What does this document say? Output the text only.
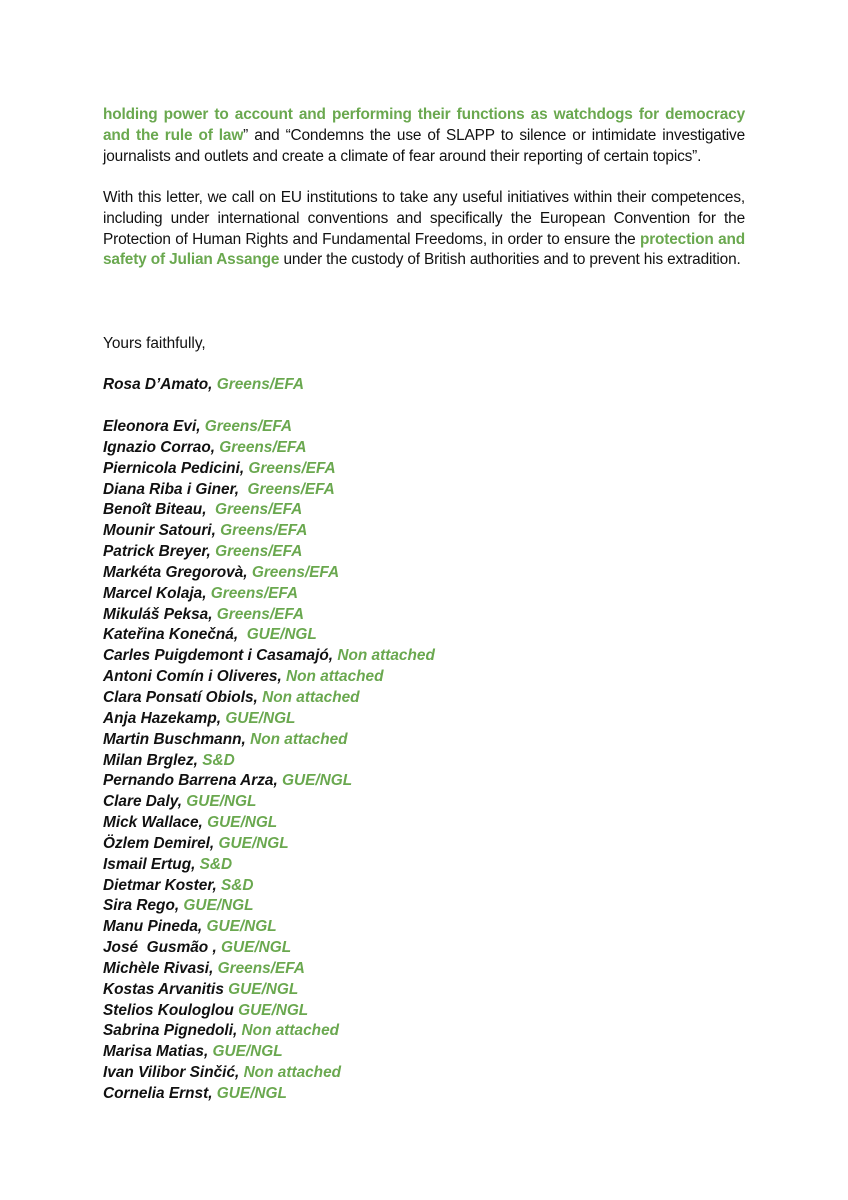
holding power to account and performing their functions as watchdogs for democracy and the rule of law” and “Condemns the use of SLAPP to silence or intimidate investigative journalists and outlets and create a climate of fear around their reporting of certain topics”.

With this letter, we call on EU institutions to take any useful initiatives within their competences, including under international conventions and specifically the European Convention for the Protection of Human Rights and Fundamental Freedoms, in order to ensure the protection and safety of Julian Assange under the custody of British authorities and to prevent his extradition.

Yours faithfully,
Rosa D’Amato, Greens/EFA
Eleonora Evi, Greens/EFA
Ignazio Corrao, Greens/EFA
Piernicola Pedicini, Greens/EFA
Diana Riba i Giner,  Greens/EFA
Benoît Biteau,  Greens/EFA
Mounir Satouri, Greens/EFA
Patrick Breyer, Greens/EFA
Markéta Gregorovà, Greens/EFA
Marcel Kolaja, Greens/EFA
Mikuláš Peksa, Greens/EFA
Kateřina Konečná,  GUE/NGL
Carles Puigdemont i Casamajó, Non attached
Antoni Comín i Oliveres, Non attached
Clara Ponsatí Obiols, Non attached
Anja Hazekamp, GUE/NGL
Martin Buschmann, Non attached
Milan Brglez, S&D
Pernando Barrena Arza, GUE/NGL
Clare Daly, GUE/NGL
Mick Wallace, GUE/NGL
Özlem Demirel, GUE/NGL
Ismail Ertug, S&D
Dietmar Koster, S&D
Sira Rego, GUE/NGL
Manu Pineda, GUE/NGL
José  Gusmão , GUE/NGL
Michèle Rivasi, Greens/EFA
Kostas Arvanitis GUE/NGL
Stelios Kouloglou GUE/NGL
Sabrina Pignedoli, Non attached
Marisa Matias, GUE/NGL
Ivan Vilibor Sinčić, Non attached
Cornelia Ernst, GUE/NGL
